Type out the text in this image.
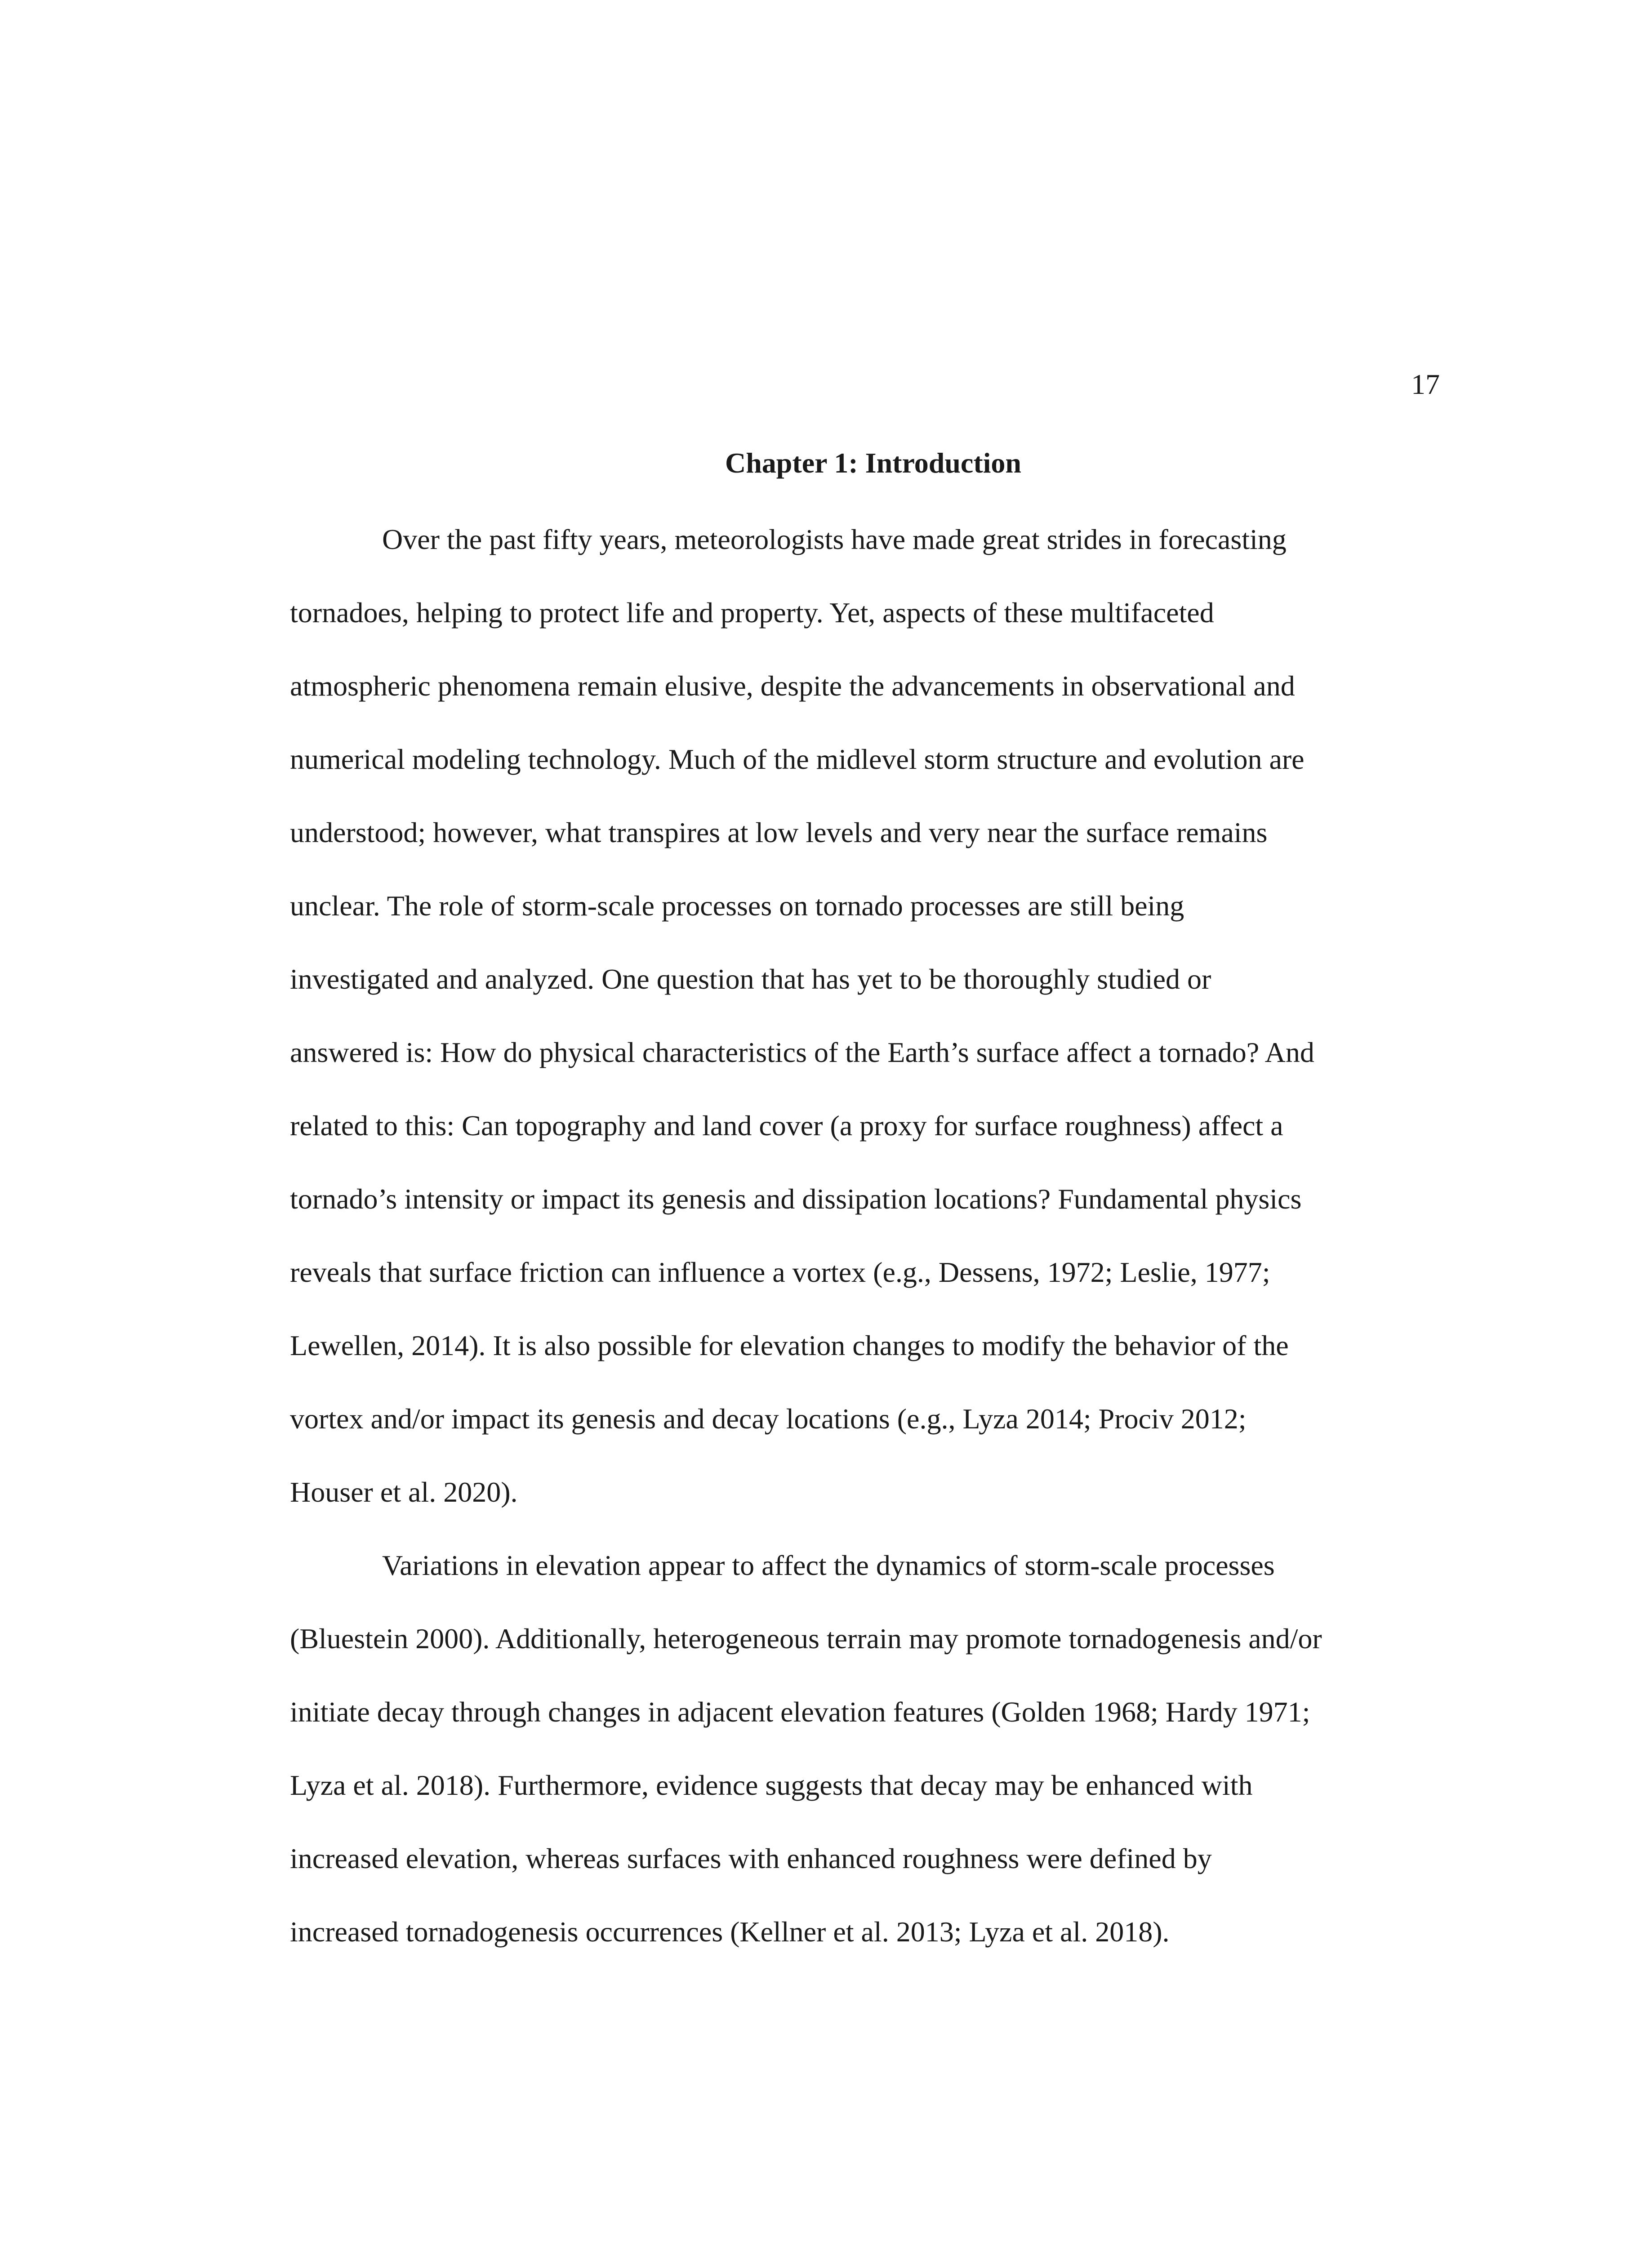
17

Chapter 1: Introduction

Over the past fifty years, meteorologists have made great strides in forecasting
tornadoes, helping to protect life and property. Yet, aspects of these multifaceted
atmospheric phenomena remain elusive, despite the advancements in observational and
numerical modeling technology. Much of the midlevel storm structure and evolution are
understood; however, what transpires at low levels and very near the surface remains
unclear. The role of storm-scale processes on tornado processes are still being
investigated and analyzed. One question that has yet to be thoroughly studied or
answered is: How do physical characteristics of the Earth’s surface affect a tornado? And
related to this: Can topography and land cover (a proxy for surface roughness) affect a
tornado’s intensity or impact its genesis and dissipation locations? Fundamental physics
reveals that surface friction can influence a vortex (e.g., Dessens, 1972; Leslie, 1977;
Lewellen, 2014). It is also possible for elevation changes to modify the behavior of the
vortex and/or impact its genesis and decay locations (e.g., Lyza 2014; Prociv 2012;
Houser et al. 2020).

Variations in elevation appear to affect the dynamics of storm-scale processes
(Bluestein 2000). Additionally, heterogeneous terrain may promote tornadogenesis and/or
initiate decay through changes in adjacent elevation features (Golden 1968; Hardy 1971;
Lyza et al. 2018). Furthermore, evidence suggests that decay may be enhanced with
increased elevation, whereas surfaces with enhanced roughness were defined by
increased tornadogenesis occurrences (Kellner et al. 2013; Lyza et al. 2018).
